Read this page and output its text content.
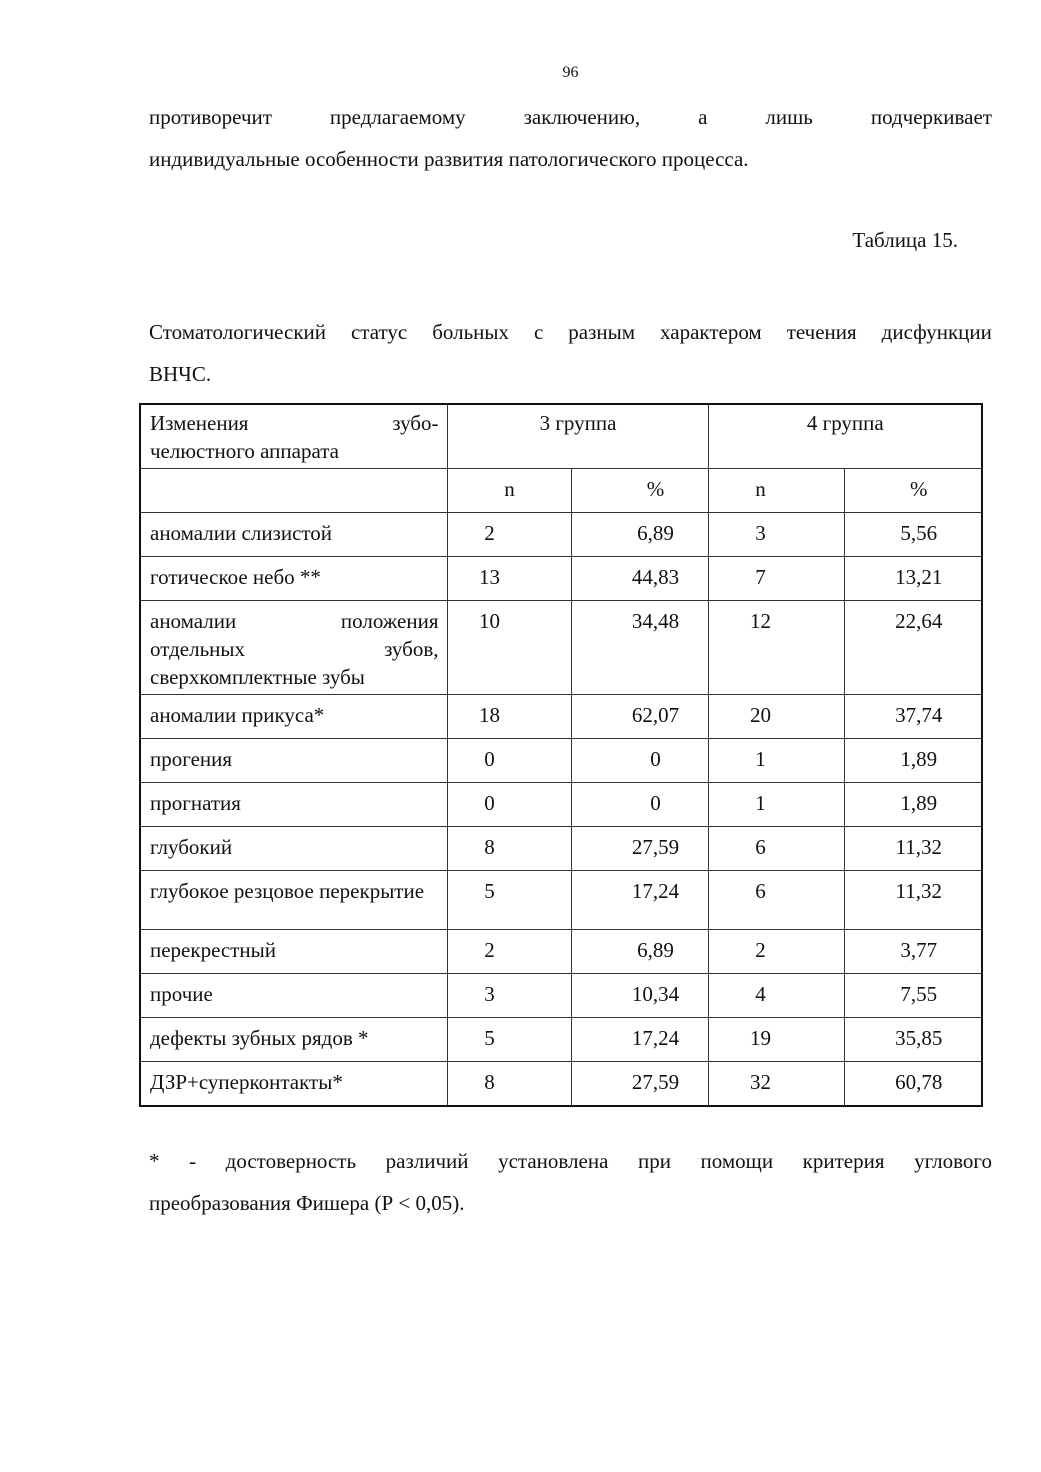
96
противоречит	предлагаемому	заключению,	а	лишь	подчеркивает
индивидуальные особенности развития патологического процесса.
Таблица 15.
Стоматологический статус больных с разным характером течения дисфункции
ВНЧС.
Изменения зубо-
челюстного аппарата	3 группа		4 группа	
	n	%	n	%
аномалии слизистой	2	6,89	3	5,56
готическое небо **	13	44,83	7	13,21
аномалии положения отдельных зубов, сверхкомплектные зубы	10	34,48	12	22,64
аномалии прикуса*	18	62,07	20	37,74
прогения	0	0	1	1,89
прогнатия	0	0	1	1,89
глубокий	8	27,59	6	11,32
глубокое резцовое перекрытие	5	17,24	6	11,32
перекрестный	2	6,89	2	3,77
прочие	3	10,34	4	7,55
дефекты зубных рядов *	5	17,24	19	35,85
ДЗР+суперконтакты*	8	27,59	32	60,78
* - достоверность различий установлена при помощи критерия углового
преобразования Фишера (Р < 0,05).
